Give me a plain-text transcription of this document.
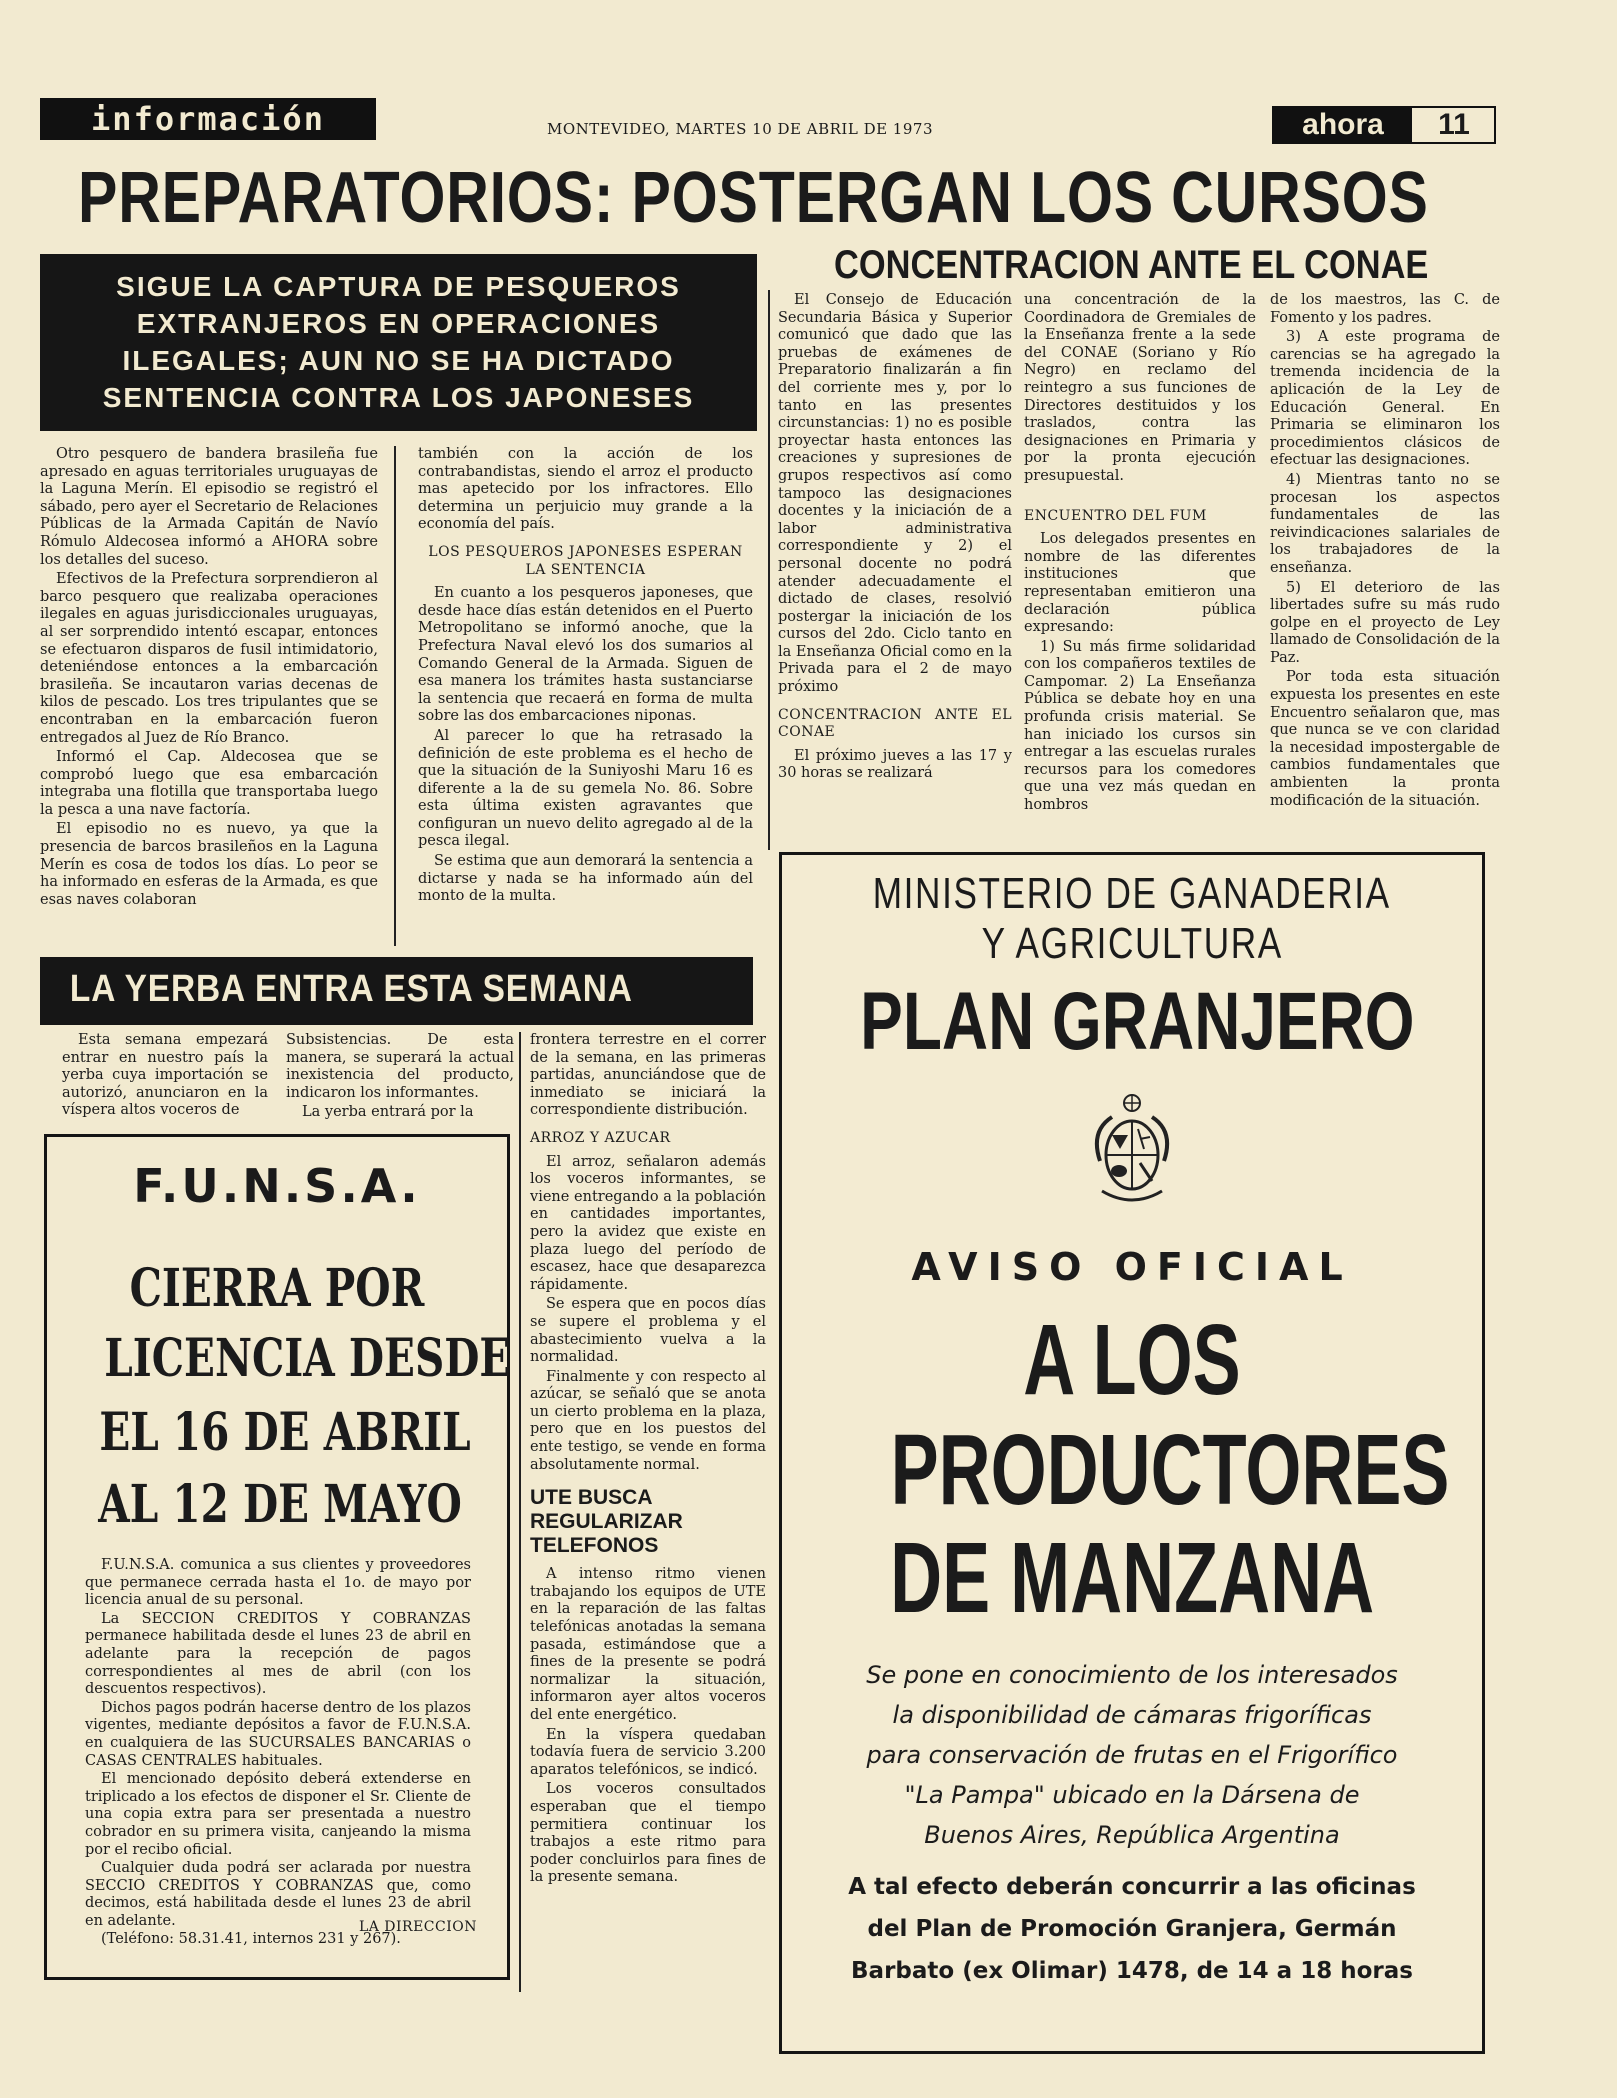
información	MONTEVIDEO, MARTES 10 DE ABRIL DE 1973	ahora	11
PREPARATORIOS: POSTERGAN LOS CURSOS
CONCENTRACION ANTE EL CONAE
SIGUE LA CAPTURA DE PESQUEROS
EXTRANJEROS EN OPERACIONES
ILEGALES; AUN NO SE HA DICTADO
SENTENCIA CONTRA LOS JAPONESES

Otro pesquero de bandera brasileña fue apresado en aguas territoriales uruguayas de la Laguna Merín. El episodio se registró el sábado, pero ayer el Secretario de Relaciones Públicas de la Armada Capitán de Navío Rómulo Aldecosea informó a AHORA sobre los detalles del suceso.

Efectivos de la Prefectura sorprendieron al barco pesquero que realizaba operaciones ilegales en aguas jurisdiccionales uruguayas, al ser sorprendido intentó escapar, entonces se efectuaron disparos de fusil intimidatorio, deteniéndose entonces a la embarcación brasileña. Se incautaron varias decenas de kilos de pescado. Los tres tripulantes que se encontraban en la embarcación fueron entregados al Juez de Río Branco.

Informó el Cap. Aldecosea que se comprobó luego que esa embarcación integraba una flotilla que transportaba luego la pesca a una nave factoría.

El episodio no es nuevo, ya que la presencia de barcos brasileños en la Laguna Merín es cosa de todos los días. Lo peor se ha informado en esferas de la Armada, es que esas naves colaboran

también con la acción de los contrabandistas, siendo el arroz el producto mas apetecido por los infractores. Ello determina un perjuicio muy grande a la economía del país.

LOS PESQUEROS JAPONESES ESPERAN LA SENTENCIA

En cuanto a los pesqueros japoneses, que desde hace días están detenidos en el Puerto Metropolitano se informó anoche, que la Prefectura Naval elevó los dos sumarios al Comando General de la Armada. Siguen de esa manera los trámites hasta sustanciarse la sentencia que recaerá en forma de multa sobre las dos embarcaciones niponas.

Al parecer lo que ha retrasado la definición de este problema es el hecho de que la situación de la Suniyoshi Maru 16 es diferente a la de su gemela No. 86. Sobre esta última existen agravantes que configuran un nuevo delito agregado al de la pesca ilegal.

Se estima que aun demorará la sentencia a dictarse y nada se ha informado aún del monto de la multa.

El Consejo de Educación Secundaria Básica y Superior comunicó que dado que las pruebas de exámenes de Preparatorio finalizarán a fin del corriente mes y, por lo tanto en las presentes circunstancias: 1) no es posible proyectar hasta entonces las creaciones y supresiones de grupos respectivos así como tampoco las designaciones docentes y la iniciación de a labor administrativa correspondiente y 2) el personal docente no podrá atender adecuadamente el dictado de clases, resolvió postergar la iniciación de los cursos del 2do. Ciclo tanto en la Enseñanza Oficial como en la Privada para el 2 de mayo próximo

CONCENTRACION ANTE EL CONAE

El próximo jueves a las 17 y 30 horas se realizará

una concentración de la Coordinadora de Gremiales de la Enseñanza frente a la sede del CONAE (Soriano y Río Negro) en reclamo del reintegro a sus funciones de Directores destituidos y los traslados, contra las designaciones en Primaria y por la pronta ejecución presupuestal.

ENCUENTRO DEL FUM

Los delegados presentes en nombre de las diferentes instituciones que representaban emitieron una declaración pública expresando:

1) Su más firme solidaridad con los compañeros textiles de Campomar. 2) La Enseñanza Pública se debate hoy en una profunda crisis material. Se han iniciado los cursos sin entregar a las escuelas rurales recursos para los comedores que una vez más quedan en hombros

de los maestros, las C. de Fomento y los padres.

3) A este programa de carencias se ha agregado la tremenda incidencia de la aplicación de la Ley de Educación General. En Primaria se eliminaron los procedimientos clásicos de efectuar las designaciones.

4) Mientras tanto no se procesan los aspectos fundamentales de las reivindicaciones salariales de los trabajadores de la enseñanza.

5) El deterioro de las libertades sufre su más rudo golpe en el proyecto de Ley llamado de Consolidación de la Paz.

Por toda esta situación expuesta los presentes en este Encuentro señalaron que, mas que nunca se ve con claridad la necesidad impostergable de cambios fundamentales que ambienten la pronta modificación de la situación.

LA YERBA ENTRA ESTA SEMANA

Esta semana empezará entrar en nuestro país la yerba cuya importación se autorizó, anunciaron en la víspera altos voceros de

Subsistencias. De esta manera, se superará la actual inexistencia del producto, indicaron los informantes.

La yerba entrará por la

frontera terrestre en el correr de la semana, en las primeras partidas, anunciándose que de inmediato se iniciará la correspondiente distribución.

ARROZ Y AZUCAR

El arroz, señalaron además los voceros informantes, se viene entregando a la población en cantidades importantes, pero la avidez que existe en plaza luego del período de escasez, hace que desaparezca rápidamente.

Se espera que en pocos días se supere el problema y el abastecimiento vuelva a la normalidad.

Finalmente y con respecto al azúcar, se señaló que se anota un cierto problema en la plaza, pero que en los puestos del ente testigo, se vende en forma absolutamente normal.

UTE BUSCA REGULARIZAR TELEFONOS

A intenso ritmo vienen trabajando los equipos de UTE en la reparación de las faltas telefónicas anotadas la semana pasada, estimándose que a fines de la presente se podrá normalizar la situación, informaron ayer altos voceros del ente energético.

En la víspera quedaban todavía fuera de servicio 3.200 aparatos telefónicos, se indicó.

Los voceros consultados esperaban que el tiempo permitiera continuar los trabajos a este ritmo para poder concluirlos para fines de la presente semana.

F.U.N.S.A.
CIERRA POR
LICENCIA DESDE
EL 16 DE ABRIL
AL 12 DE MAYO

F.U.N.S.A. comunica a sus clientes y proveedores que permanece cerrada hasta el 1o. de mayo por licencia anual de su personal.

La SECCION CREDITOS Y COBRANZAS permanece habilitada desde el lunes 23 de abril en adelante para la recepción de pagos correspondientes al mes de abril (con los descuentos respectivos).

Dichos pagos podrán hacerse dentro de los plazos vigentes, mediante depósitos a favor de F.U.N.S.A. en cualquiera de las SUCURSALES BANCARIAS o CASAS CENTRALES habituales.

El mencionado depósito deberá extenderse en triplicado a los efectos de disponer el Sr. Cliente de una copia extra para ser presentada a nuestro cobrador en su primera visita, canjeando la misma por el recibo oficial.

Cualquier duda podrá ser aclarada por nuestra SECCIO CREDITOS Y COBRANZAS que, como decimos, está habilitada desde el lunes 23 de abril en adelante.

(Teléfono: 58.31.41, internos 231 y 267).

LA DIRECCION
MINISTERIO DE GANADERIA
Y AGRICULTURA
PLAN GRANJERO
AVISO OFICIAL
A LOS
PRODUCTORES
DE MANZANA
Se pone en conocimiento de los interesados
la disponibilidad de cámaras frigoríficas
para conservación de frutas en el Frigorífico
"La Pampa" ubicado en la Dársena de
Buenos Aires, República Argentina
A tal efecto deberán concurrir a las oficinas
del Plan de Promoción Granjera, Germán
Barbato (ex Olimar) 1478, de 14 a 18 horas
